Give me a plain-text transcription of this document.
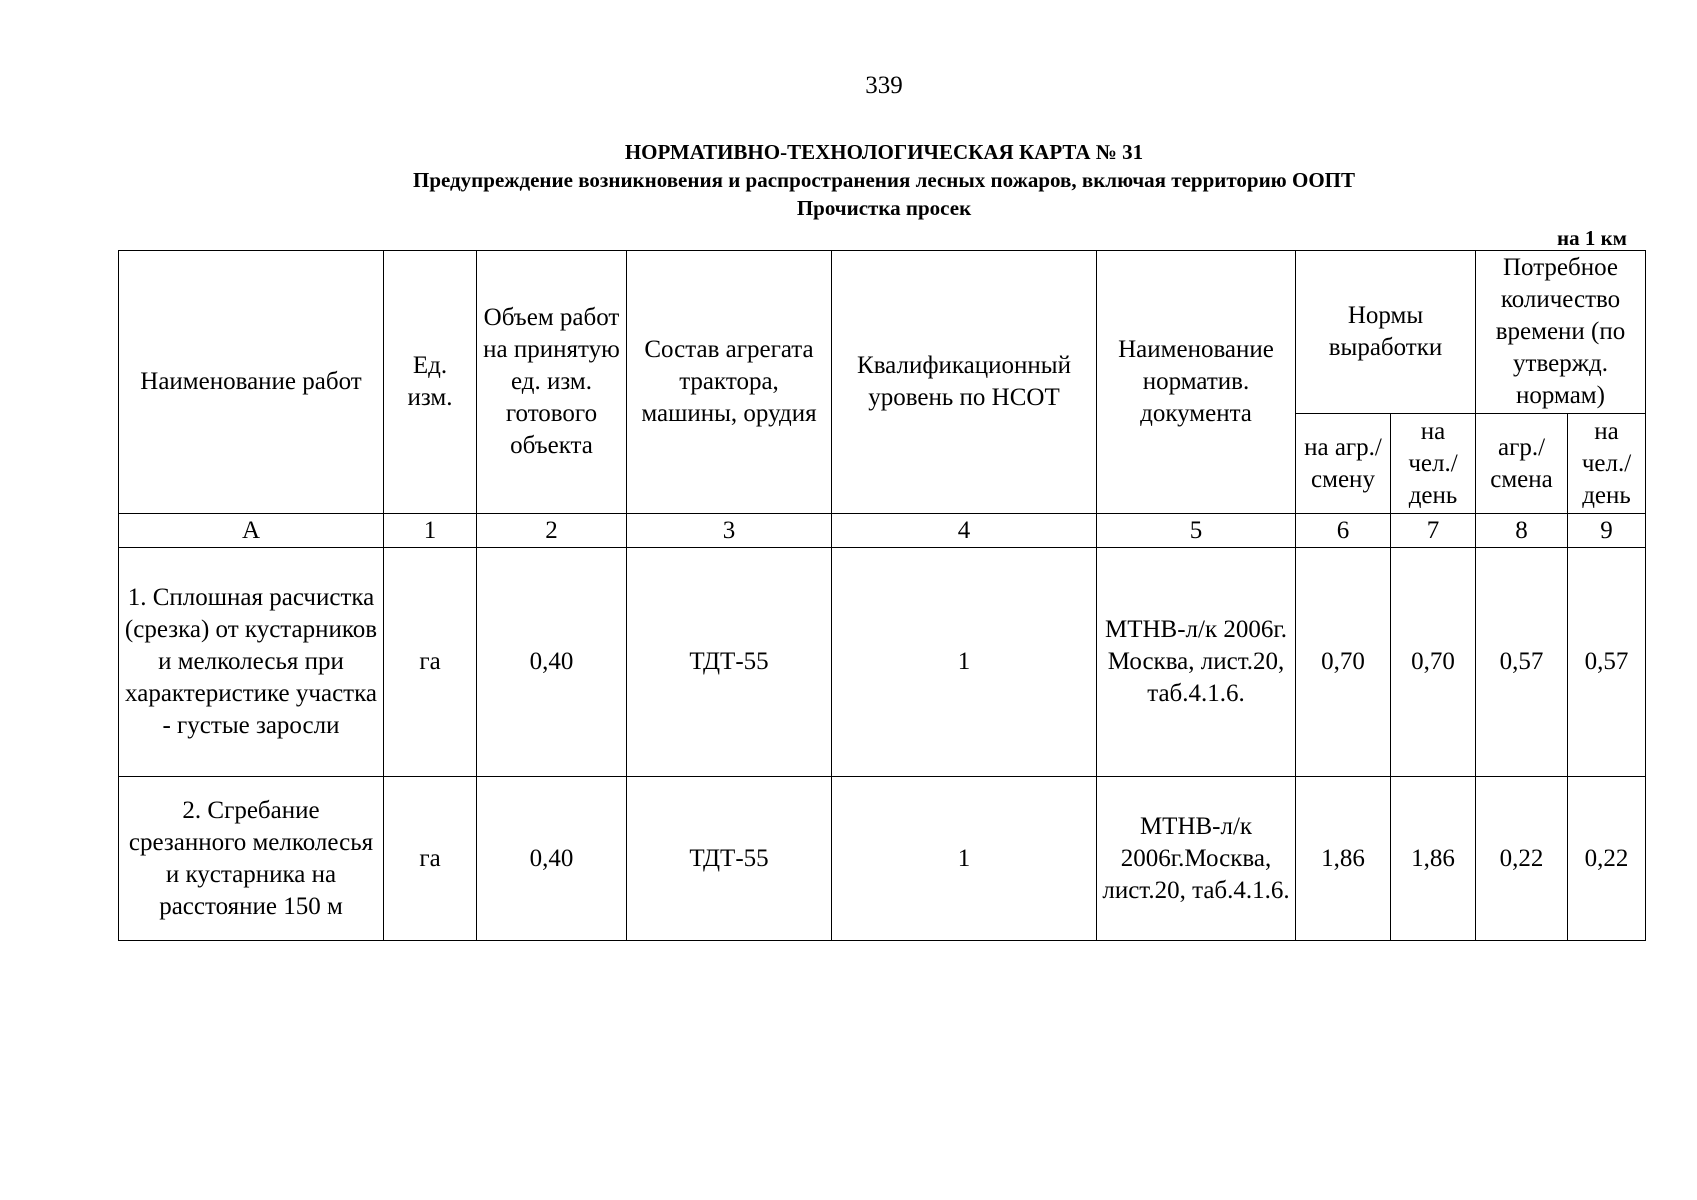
339
НОРМАТИВНО-ТЕХНОЛОГИЧЕСКАЯ КАРТА № 31
Предупреждение возникновения и распространения лесных пожаров, включая территорию ООПТ
Прочистка просек
на 1 км
Наименование работ	Ед. изм.	Объем работ на принятую ед. изм. готового объекта	Состав агрегата трактора, машины, орудия	Квалификационный уровень по НСОТ	Наименование норматив. документа	Нормы выработки		Потребное количество времени (по утвержд. нормам)	
						на агр./ смену	на чел./ день	агр./ смена	на чел./ день
А	1	2	3	4	5	6	7	8	9
1. Сплошная расчистка (срезка) от кустарников и мелколесья при характеристике участка - густые заросли	га	0,40	ТДТ-55	1	МТНВ-л/к 2006г. Москва, лист.20, таб.4.1.6.	0,70	0,70	0,57	0,57
2. Сгребание срезанного мелколесья и кустарника на расстояние 150 м	га	0,40	ТДТ-55	1	МТНВ-л/к 2006г.Москва, лист.20, таб.4.1.6.	1,86	1,86	0,22	0,22
